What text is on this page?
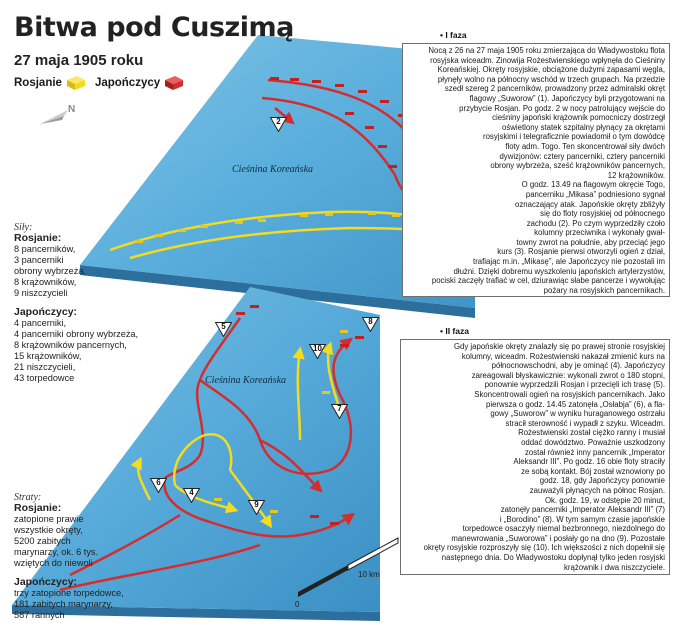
2
4
5
6
7
8
9
10
Cieśnina Koreańska
Cieśnina Koreańska
Bitwa pod Cuszimą
27 maja 1905 roku
Rosjanie	Japończycy
N
Siły:
Rosjanie:
8 pancerników,
3 pancerniki
obrony wybrzeża,
8 krążowników,
9 niszczycieli
Japończycy:
4 pancerniki,
4 pancerniki obrony wybrzeża,
8 krążowników pancernych,
15 krążowników,
21 niszczycieli,
43 torpedowce
Straty:
Rosjanie:
zatopione prawie
wszystkie okręty,
5200 zabitych
marynarzy, ok. 6 tys.
wziętych do niewoli
Japończycy:
trzy zatopione torpedowce,
181 zabitych marynarzy,
587 rannych
• I faza
Nocą z 26 na 27 maja 1905 roku zmierzająca do Władywostoku flota
rosyjska wiceadm. Zinowija Rożestwienskiego wpłynęła do Cieśniny
Koreańskiej. Okręty rosyjskie, obciążone dużymi zapasami węgla,
płynęły wolno na północny wschód w trzech grupach. Na przedzie
szedł szereg 2 pancerników, prowadzony przez admiralski okręt
flagowy „Suworow” (1). Japończycy byli przygotowani na
przybycie Rosjan. Po godz. 2 w nocy patrolujący wejście do
cieśniny japoński krążownik pomocniczy dostrzegł
oświetlony statek szpitalny płynący za okrętami
rosyjskimi i telegraficznie powiadomił o tym dowódcę
floty adm. Togo. Ten skoncentrował siły dwóch
dywizjonów: cztery pancerniki, cztery pancerniki
obrony wybrzeża, sześć krążowników pancernych,
12 krążowników.
O godz. 13.49 na flagowym okręcie Togo,
pancerniku „Mikasa” podniesiono sygnał
oznaczający atak. Japońskie okręty zbliżyły
się do floty rosyjskiej od północnego
zachodu (2). Po czym wyprzedziły czoło
kolumny przeciwnika i wykonały gwał-
towny zwrot na południe, aby przeciąć jego
kurs (3). Rosjanie pierwsi otworzyli ogień z dział,
trafiając m.in. „Mikasę”, ale Japończycy nie pozostali im
dłużni. Dzięki dobremu wyszkoleniu japońskich artylerzystów,
pociski zaczęły trafiać w cel, dziurawiąc słabe pancerze i wywołując
pożary na rosyjskich pancernikach.
• II faza
Gdy japońskie okręty znalazły się po prawej stronie rosyjskiej
kolumny, wiceadm. Rożestwienski nakazał zmienić kurs na
północnowschodni, aby je ominąć (4). Japończycy
zareagowali błyskawicznie: wykonali zwrot o 180 stopni,
ponownie wyprzedzili Rosjan i przecięli ich trasę (5).
Skoncentrowali ogień na rosyjskich pancernikach. Jako
pierwsza o godz. 14.45 zatonęła „Osłabja” (6), a fla-
gowy „Suworow” w wyniku huraganowego ostrzału
stracił sterowność i wypadł z szyku. Wiceadm.
Rożestwienski został ciężko ranny i musiał
oddać dowództwo. Poważnie uszkodzony
został również inny pancernik „Imperator
Aleksandr III”. Po godz. 16 obie floty straciły
ze sobą kontakt. Bój został wznowiony po
godz. 18, gdy Japończycy ponownie
zauważyli płynących na północ Rosjan.
Ok. godz. 19, w odstępie 20 minut,
zatonęły pancerniki „Imperator Aleksandr III” (7)
i „Borodino” (8). W tym samym czasie japońskie
torpedowce osaczyły niemal bezbronnego, niezdolnego do
manewrowania „Suworowa” i posłały go na dno (9). Pozostałe
okręty rosyjskie rozproszyły się (10). Ich większości z nich dopełnił się
następnego dnia. Do Władywostoku dopłynął tylko jeden rosyjski
krążownik i dwa niszczyciele.
0
10 km
